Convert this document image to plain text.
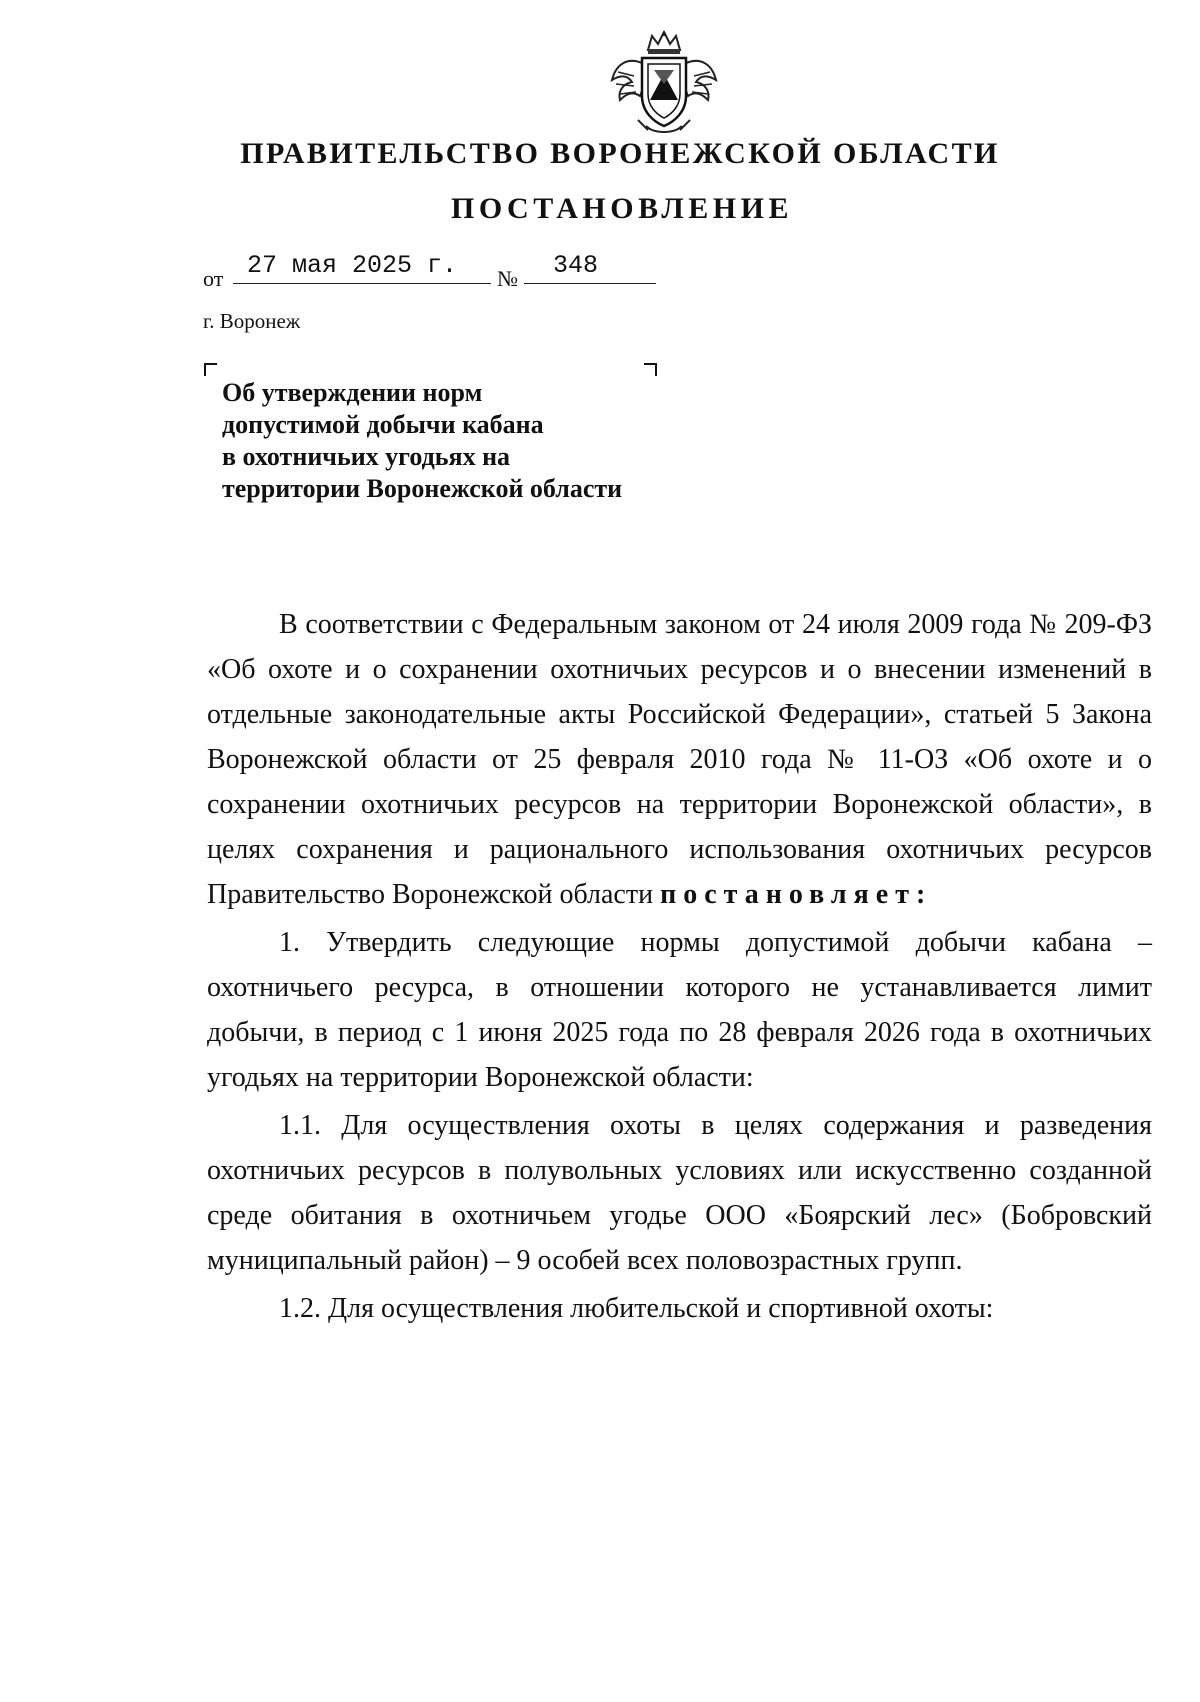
ПРАВИТЕЛЬСТВО ВОРОНЕЖСКОЙ ОБЛАСТИ
ПОСТАНОВЛЕНИЕ
от 27 мая 2025 г. № 348
г. Воронеж
Об утверждении норм
допустимой добычи кабана
в охотничьих угодьях на
территории Воронежской области

В соответствии с Федеральным законом от 24 июля 2009 года № 209-ФЗ «Об охоте и о сохранении охотничьих ресурсов и о внесении изменений в отдельные законодательные акты Российской Федерации», статьей 5 Закона Воронежской области от 25 февраля 2010 года № 11-ОЗ «Об охоте и о сохранении охотничьих ресурсов на территории Воронежской области», в целях сохранения и рационального использования охотничьих ресурсов Правительство Воронежской области постановляет:

1. Утвердить следующие нормы допустимой добычи кабана – охотничьего ресурса, в отношении которого не устанавливается лимит добычи, в период с 1 июня 2025 года по 28 февраля 2026 года в охотничьих угодьях на территории Воронежской области:

1.1. Для осуществления охоты в целях содержания и разведения охотничьих ресурсов в полувольных условиях или искусственно созданной среде обитания в охотничьем угодье ООО «Боярский лес» (Бобровский муниципальный район) – 9 особей всех половозрастных групп.

1.2. Для осуществления любительской и спортивной охоты:
